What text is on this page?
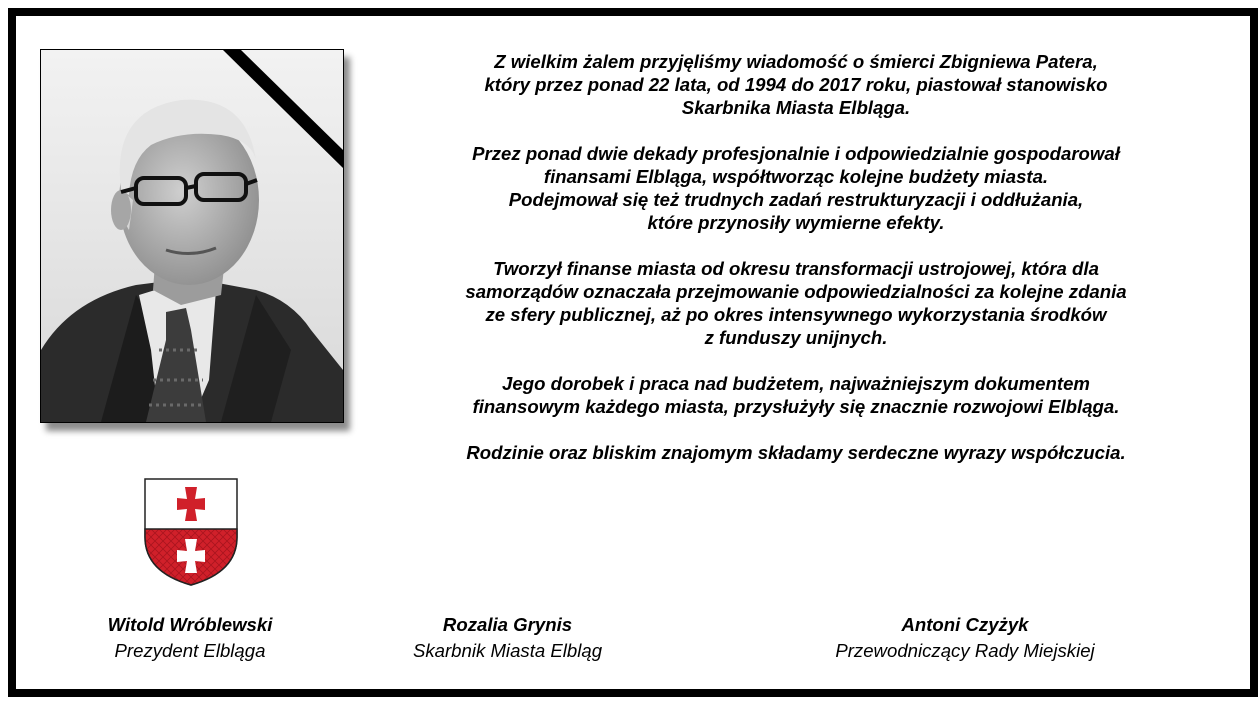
Z wielkim żalem przyjęliśmy wiadomość o śmierci Zbigniewa Patera,
który przez ponad 22 lata, od 1994 do 2017 roku, piastował stanowisko
Skarbnika Miasta Elbląga.

Przez ponad dwie dekady profesjonalnie i odpowiedzialnie gospodarował
finansami Elbląga, współtworząc kolejne budżety miasta.
Podejmował się też trudnych zadań restrukturyzacji i oddłużania,
które przynosiły wymierne efekty.

Tworzył finanse miasta od okresu transformacji ustrojowej, która dla
samorządów oznaczała przejmowanie odpowiedzialności za kolejne zdania
ze sfery publicznej, aż po okres intensywnego wykorzystania środków
z funduszy unijnych.

Jego dorobek i praca nad budżetem, najważniejszym dokumentem
finansowym każdego miasta, przysłużyły się znacznie rozwojowi Elbląga.

Rodzinie oraz bliskim znajomym składamy serdeczne wyrazy współczucia.

Witold Wróblewski
Prezydent Elbląga
Rozalia Grynis
Skarbnik Miasta Elbląg
Antoni Czyżyk
Przewodniczący Rady Miejskiej
